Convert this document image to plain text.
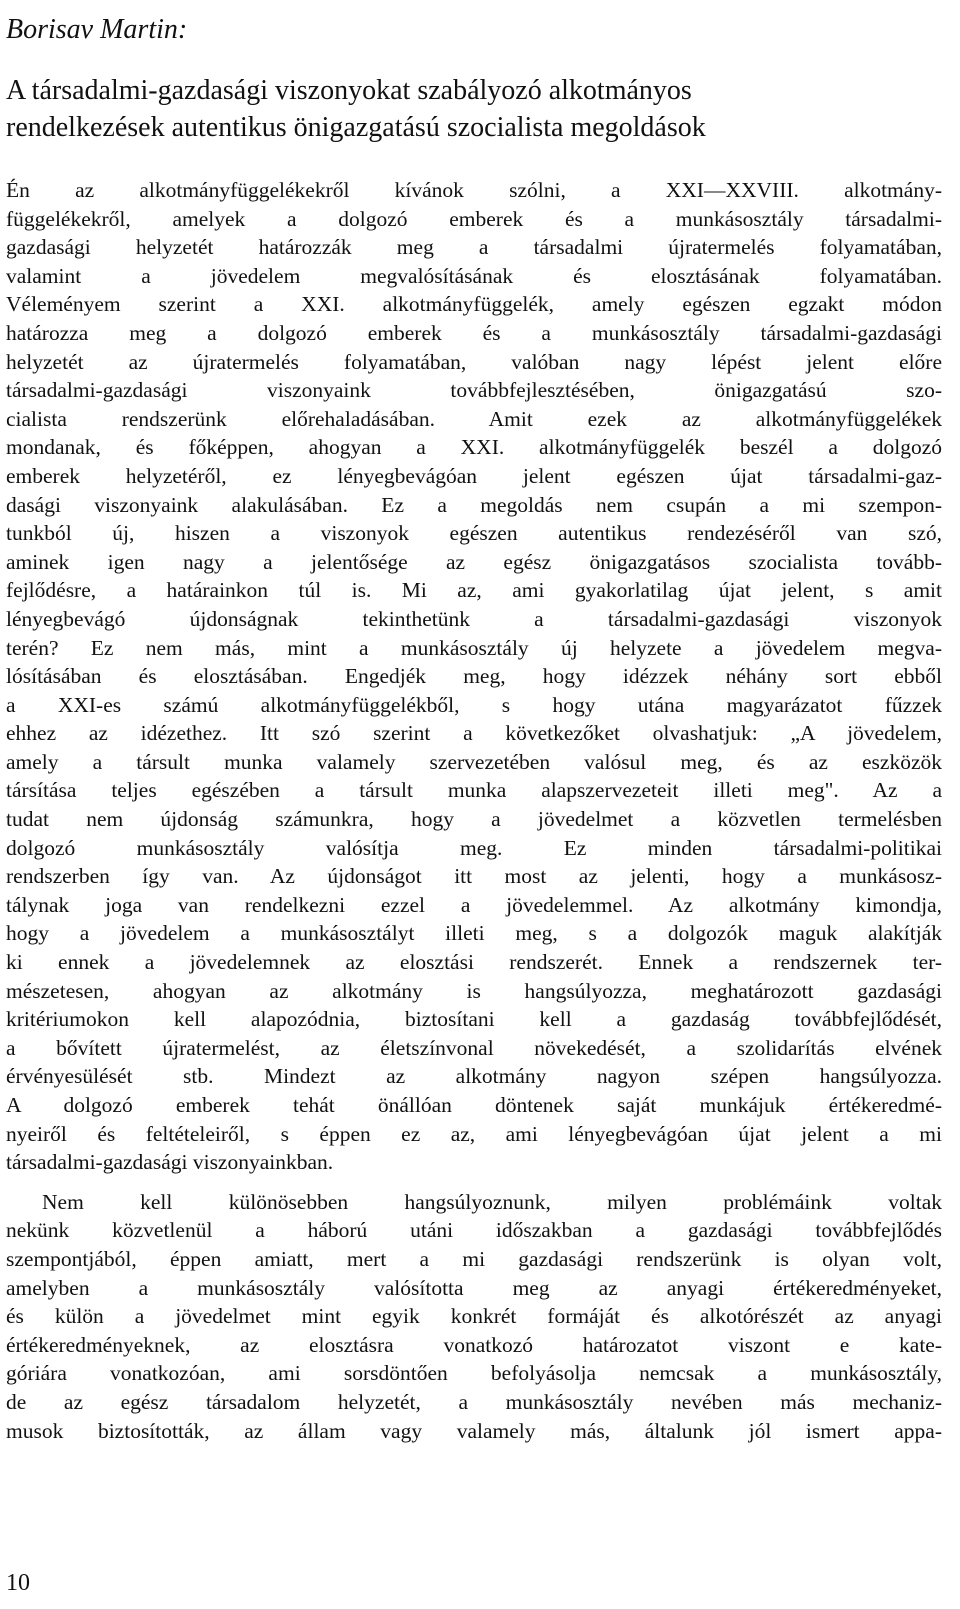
Borisav Martin:
A társadalmi-gazdasági viszonyokat szabályozó alkotmányos
rendelkezések autentikus önigazgatású szocialista megoldások

Én az alkotmányfüggelékekről kívánok szólni, a XXI—XXVIII. alkotmány-
függelékekről, amelyek a dolgozó emberek és a munkásosztály társadalmi-
gazdasági helyzetét határozzák meg a társadalmi újratermelés folyamatában,
valamint a jövedelem megvalósításának és elosztásának folyamatában.
Véleményem szerint a XXI. alkotmányfüggelék, amely egészen egzakt módon
határozza meg a dolgozó emberek és a munkásosztály társadalmi-gazdasági
helyzetét az újratermelés folyamatában, valóban nagy lépést jelent előre
társadalmi-gazdasági viszonyaink továbbfejlesztésében, önigazgatású szo-
cialista rendszerünk előrehaladásában. Amit ezek az alkotmányfüggelékek
mondanak, és főképpen, ahogyan a XXI. alkotmányfüggelék beszél a dolgozó
emberek helyzetéről, ez lényegbevágóan jelent egészen újat társadalmi-gaz-
dasági viszonyaink alakulásában. Ez a megoldás nem csupán a mi szempon-
tunkból új, hiszen a viszonyok egészen autentikus rendezéséről van szó,
aminek igen nagy a jelentősége az egész önigazgatásos szocialista tovább-
fejlődésre, a határainkon túl is. Mi az, ami gyakorlatilag újat jelent, s amit
lényegbevágó újdonságnak tekinthetünk a társadalmi-gazdasági viszonyok
terén? Ez nem más, mint a munkásosztály új helyzete a jövedelem megva-
lósításában és elosztásában. Engedjék meg, hogy idézzek néhány sort ebből
a XXI-es számú alkotmányfüggelékből, s hogy utána magyarázatot fűzzek
ehhez az idézethez. Itt szó szerint a következőket olvashatjuk: „A jövedelem,
amely a társult munka valamely szervezetében valósul meg, és az eszközök
társítása teljes egészében a társult munka alapszervezeteit illeti meg". Az a
tudat nem újdonság számunkra, hogy a jövedelmet a közvetlen termelésben
dolgozó munkásosztály valósítja meg. Ez minden társadalmi-politikai
rendszerben így van. Az újdonságot itt most az jelenti, hogy a munkásosz-
tálynak joga van rendelkezni ezzel a jövedelemmel. Az alkotmány kimondja,
hogy a jövedelem a munkásosztályt illeti meg, s a dolgozók maguk alakítják
ki ennek a jövedelemnek az elosztási rendszerét. Ennek a rendszernek ter-
mészetesen, ahogyan az alkotmány is hangsúlyozza, meghatározott gazdasági
kritériumokon kell alapozódnia, biztosítani kell a gazdaság továbbfejlődését,
a bővített újratermelést, az életszínvonal növekedését, a szolidarítás elvének
érvényesülését stb. Mindezt az alkotmány nagyon szépen hangsúlyozza.
A dolgozó emberek tehát önállóan döntenek saját munkájuk értékeredmé-
nyeiről és feltételeiről, s éppen ez az, ami lényegbevágóan újat jelent a mi
társadalmi-gazdasági viszonyainkban.

Nem kell különösebben hangsúlyoznunk, milyen problémáink voltak
nekünk közvetlenül a háború utáni időszakban a gazdasági továbbfejlődés
szempontjából, éppen amiatt, mert a mi gazdasági rendszerünk is olyan volt,
amelyben a munkásosztály valósította meg az anyagi értékeredményeket,
és külön a jövedelmet mint egyik konkrét formáját és alkotórészét az anyagi
értékeredményeknek, az elosztásra vonatkozó határozatot viszont e kate-
góriára vonatkozóan, ami sorsdöntően befolyásolja nemcsak a munkásosztály,
de az egész társadalom helyzetét, a munkásosztály nevében más mechaniz-
musok biztosították, az állam vagy valamely más, általunk jól ismert appa-

10
